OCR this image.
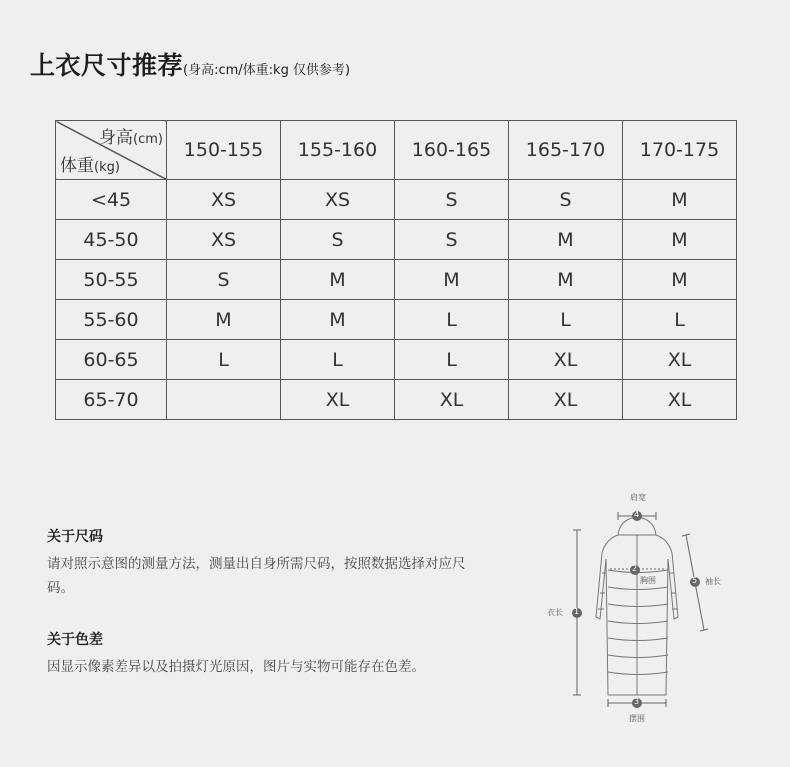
上衣尺寸推荐(身高:cm/体重:kg 仅供参考)
身高(cm)
体重(kg)	150-155	155-160	160-165	165-170	170-175
<45	XS	XS	S	S	M
45-50	XS	S	S	M	M
50-55	S	M	M	M	M
55-60	M	M	L	L	L
60-65	L	L	L	XL	XL
65-70		XL	XL	XL	XL
关于尺码
请对照示意图的测量方法，测量出自身所需尺码，按照数据选择对应尺码。
关于色差
因显示像素差异以及拍摄灯光原因，图片与实物可能存在色差。
肩宽
4
2
胸围
衣长 1
5 袖长
3
摆围
